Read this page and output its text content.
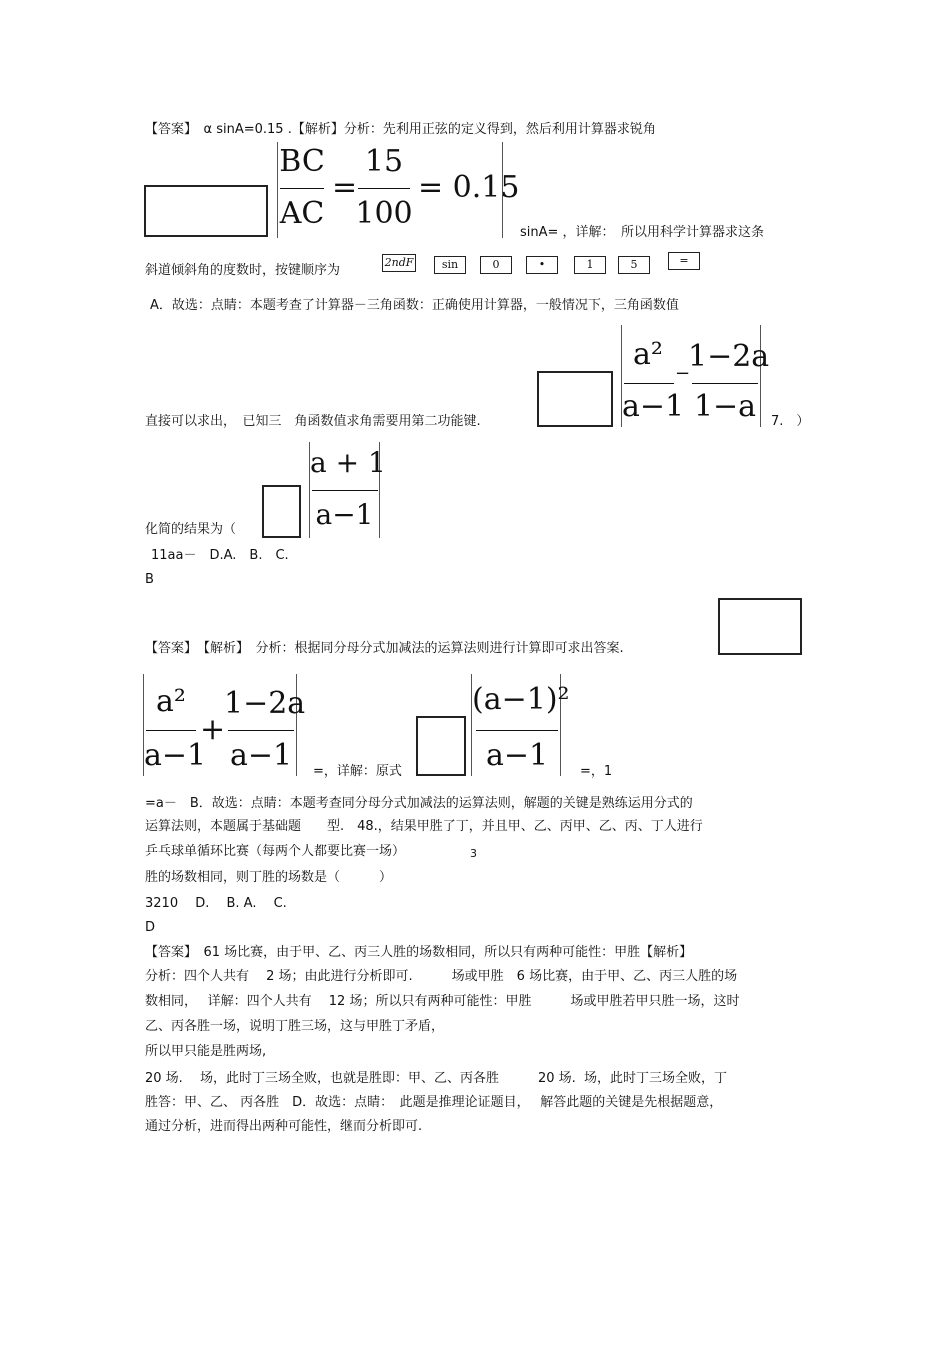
【答案】　α sinA=0.15 .【解析】分析：先利用正弦的定义得到，然后利用计算器求锐角
BC
AC
=
15
100
= 0.15
sinA= ，详解：　所以用科学计算器求这条
斜道倾斜角的度数时，按键顺序为
2ndF	sin	0	•	1	5	=
A．故选：点睛：本题考查了计算器－三角函数：正确使用计算器，一般情况下，三角函数值
直接可以求出，　已知三　角函数值求角需要用第二功能键.
a²
a−1
−
1−2a
1−a	7.　）
化简的结果为（
a + 1
a−1
11aa－　D.A.　B.　C.
B
【答案】　【解析】　分析：根据同分母分式加减法的运算法则进行计算即可求出答案.
a²
a−1
+
1−2a
a−1	=，详解：原式
(a−1)²
a−1	=，1
=a－　B．故选：点睛：本题考查同分母分式加减法的运算法则，解题的关键是熟练运用分式的
运算法则，本题属于基础题　　型.　48.，结果甲胜了丁，并且甲、乙、丙甲、乙、丙、丁人进行
乒乓球单循环比赛（每两个人都要比赛一场）	3
胜的场数相同，则丁胜的场数是（　　　）
3210　 D.　 B. A.　 C.
D
【答案】　61 场比赛，由于甲、乙、丙三人胜的场数相同，所以只有两种可能性：甲胜【解析】
分析：四个人共有　 2 场；由此进行分析即可.　　　场或甲胜　6 场比赛，由于甲、乙、丙三人胜的场
数相同，　 详解：四个人共有　 12 场；所以只有两种可能性：甲胜　　　场或甲胜若甲只胜一场，这时
乙、丙各胜一场，说明丁胜三场，这与甲胜丁矛盾，
所以甲只能是胜两场,
20 场.　 场，此时丁三场全败，也就是胜即：甲、乙、丙各胜　　　20 场.  场，此时丁三场全败，丁
胜答：甲、乙、 丙各胜　D．故选：点睛：　此题是推理论证题目，　 解答此题的关键是先根据题意，
通过分析，进而得出两种可能性，继而分析即可.
